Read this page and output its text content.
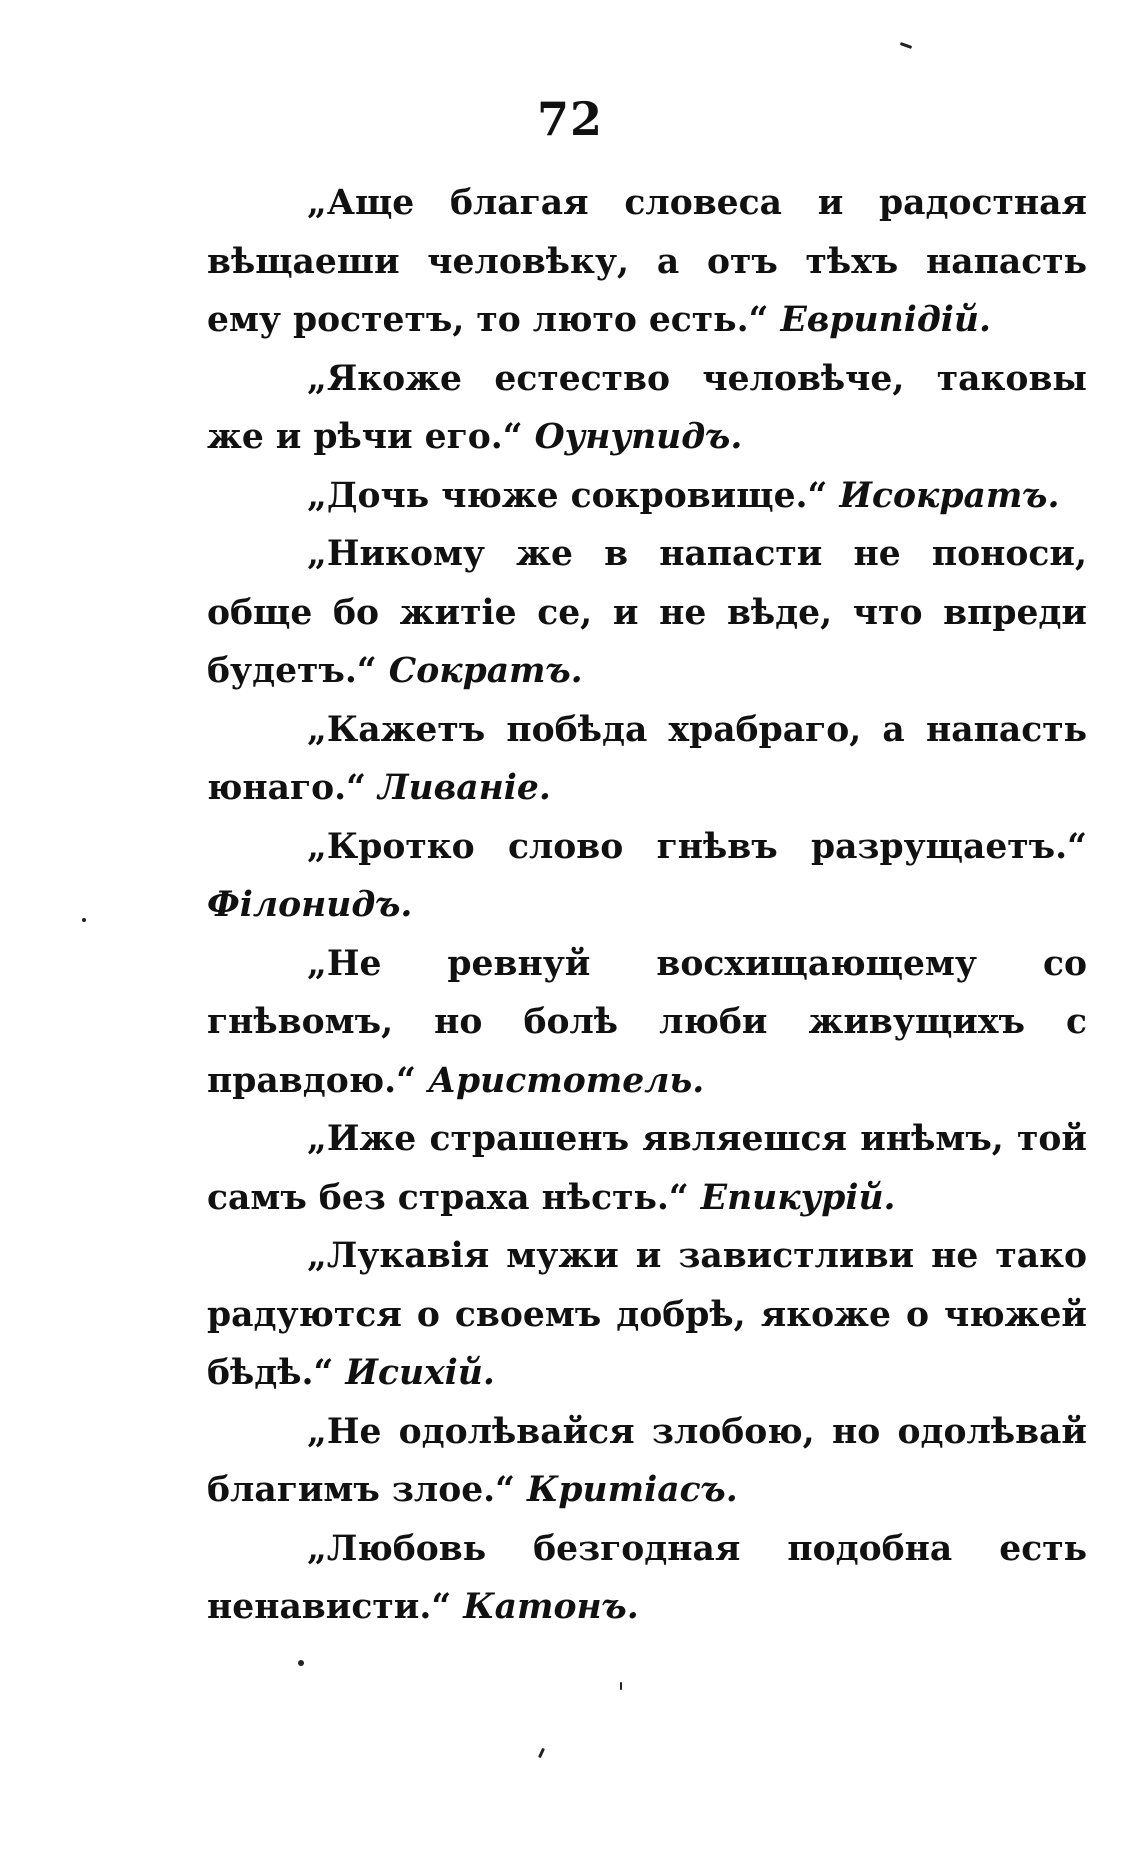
72

„Аще благая словеса и радостная вѣщаеши человѣку, а отъ тѣхъ напасть ему ростетъ, то люто есть.“ Еврипідій.

„Якоже естество человѣче, таковы же и рѣчи его.“ Оунупидъ.

„Дочь чюже сокровище.“ Исократъ.

„Никому же в напасти не поноси, обще бо житіе се, и не вѣде, что впреди будетъ.“ Сократъ.

„Кажетъ побѣда храбраго, а напасть юнаго.“ Ливаніе.

„Кротко слово гнѣвъ разрущаетъ.“ Філонидъ.

„Не ревнуй восхищающему со гнѣвомъ, но болѣ люби живущихъ с правдою.“ Аристотель.

„Иже страшенъ являешся инѣмъ, той самъ без страха нѣсть.“ Епикурій.

„Лукавія мужи и завистливи не тако радуются о своемъ добрѣ, якоже о чюжей бѣдѣ.“ Исихій.

„Не одолѣвайся злобою, но одолѣвай благимъ злое.“ Критіасъ.

„Любовь безгодная подобна есть ненависти.“ Катонъ.
